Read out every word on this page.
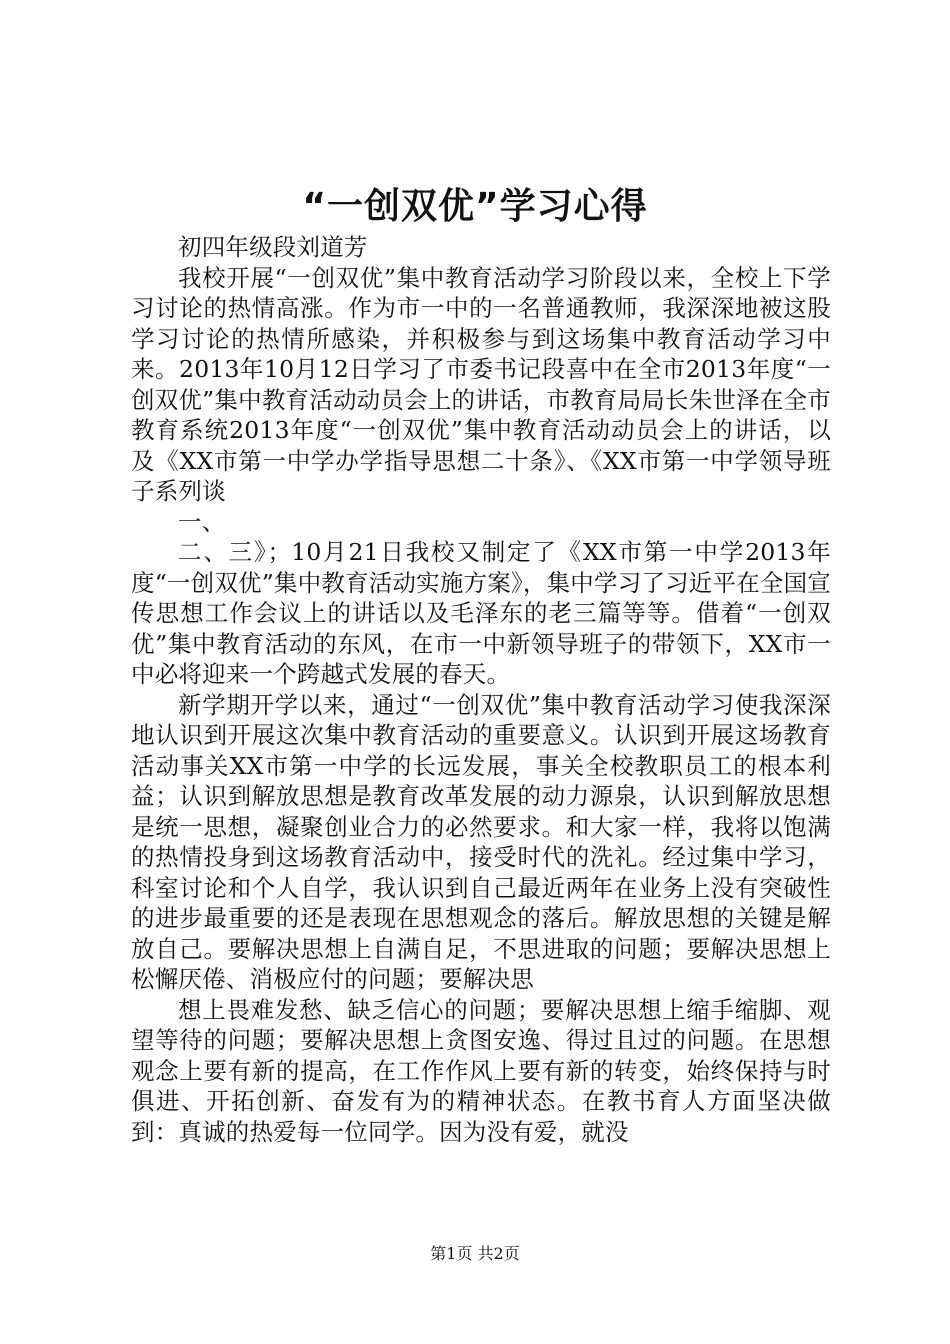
“一创双优”学习心得

初四年级段刘道芳

我校开展“一创双优”集中教育活动学习阶段以来，全校上下学习讨论的热情高涨。作为市一中的一名普通教师，我深深地被这股学习讨论的热情所感染，并积极参与到这场集中教育活动学习中来。2013年10月12日学习了市委书记段喜中在全市2013年度“一创双优”集中教育活动动员会上的讲话，市教育局局长朱世泽在全市教育系统2013年度“一创双优”集中教育活动动员会上的讲话，以及《XX市第一中学办学指导思想二十条》、《XX市第一中学领导班子系列谈

一、

二、三》；10月21日我校又制定了《XX市第一中学2013年度“一创双优”集中教育活动实施方案》，集中学习了习近平在全国宣传思想工作会议上的讲话以及毛泽东的老三篇等等。借着“一创双优”集中教育活动的东风，在市一中新领导班子的带领下，XX市一中必将迎来一个跨越式发展的春天。

新学期开学以来，通过“一创双优”集中教育活动学习使我深深地认识到开展这次集中教育活动的重要意义。认识到开展这场教育活动事关XX市第一中学的长远发展，事关全校教职员工的根本利益；认识到解放思想是教育改革发展的动力源泉，认识到解放思想是统一思想，凝聚创业合力的必然要求。和大家一样，我将以饱满的热情投身到这场教育活动中，接受时代的洗礼。经过集中学习，科室讨论和个人自学，我认识到自己最近两年在业务上没有突破性的进步最重要的还是表现在思想观念的落后。解放思想的关键是解放自己。要解决思想上自满自足，不思进取的问题；要解决思想上松懈厌倦、消极应付的问题；要解决思

想上畏难发愁、缺乏信心的问题；要解决思想上缩手缩脚、观望等待的问题；要解决思想上贪图安逸、得过且过的问题。在思想观念上要有新的提高，在工作作风上要有新的转变，始终保持与时俱进、开拓创新、奋发有为的精神状态。在教书育人方面坚决做到：真诚的热爱每一位同学。因为没有爱，就没

第1页 共2页
